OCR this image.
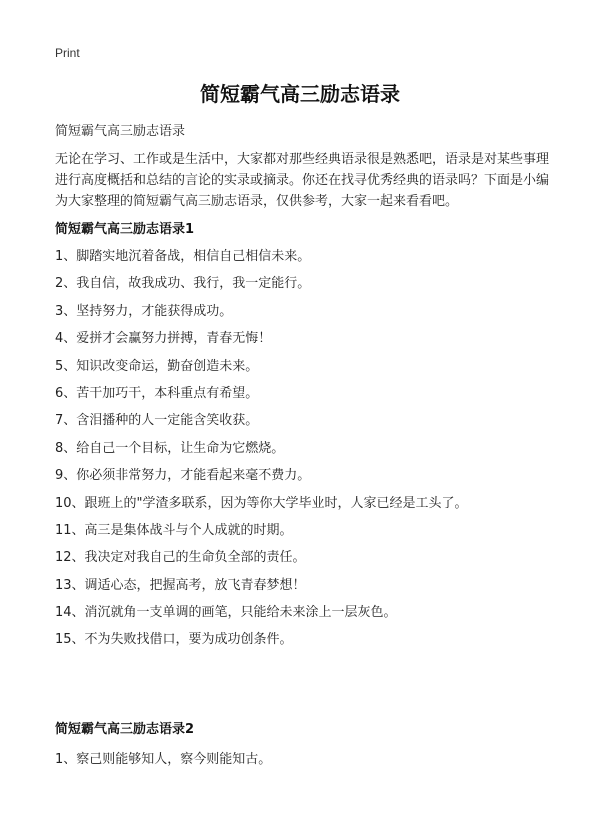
Print
简短霸气高三励志语录
简短霸气高三励志语录

无论在学习、工作或是生活中，大家都对那些经典语录很是熟悉吧，语录是对某些事理进行高度概括和总结的言论的实录或摘录。你还在找寻优秀经典的语录吗？下面是小编为大家整理的简短霸气高三励志语录，仅供参考，大家一起来看看吧。

简短霸气高三励志语录1
1、脚踏实地沉着备战，相信自己相信未来。
2、我自信，故我成功、我行，我一定能行。
3、坚持努力，才能获得成功。
4、爱拼才会赢努力拼搏，青春无悔！
5、知识改变命运，勤奋创造未来。
6、苦干加巧干，本科重点有希望。
7、含泪播种的人一定能含笑收获。
8、给自己一个目标，让生命为它燃烧。
9、你必须非常努力，才能看起来毫不费力。
10、跟班上的"学渣多联系，因为等你大学毕业时，人家已经是工头了。
11、高三是集体战斗与个人成就的时期。
12、我决定对我自己的生命负全部的责任。
13、调适心态，把握高考，放飞青春梦想！
14、消沉就角一支单调的画笔，只能给未来涂上一层灰色。
15、不为失败找借口，要为成功创条件。
简短霸气高三励志语录2
1、察己则能够知人，察今则能知古。
